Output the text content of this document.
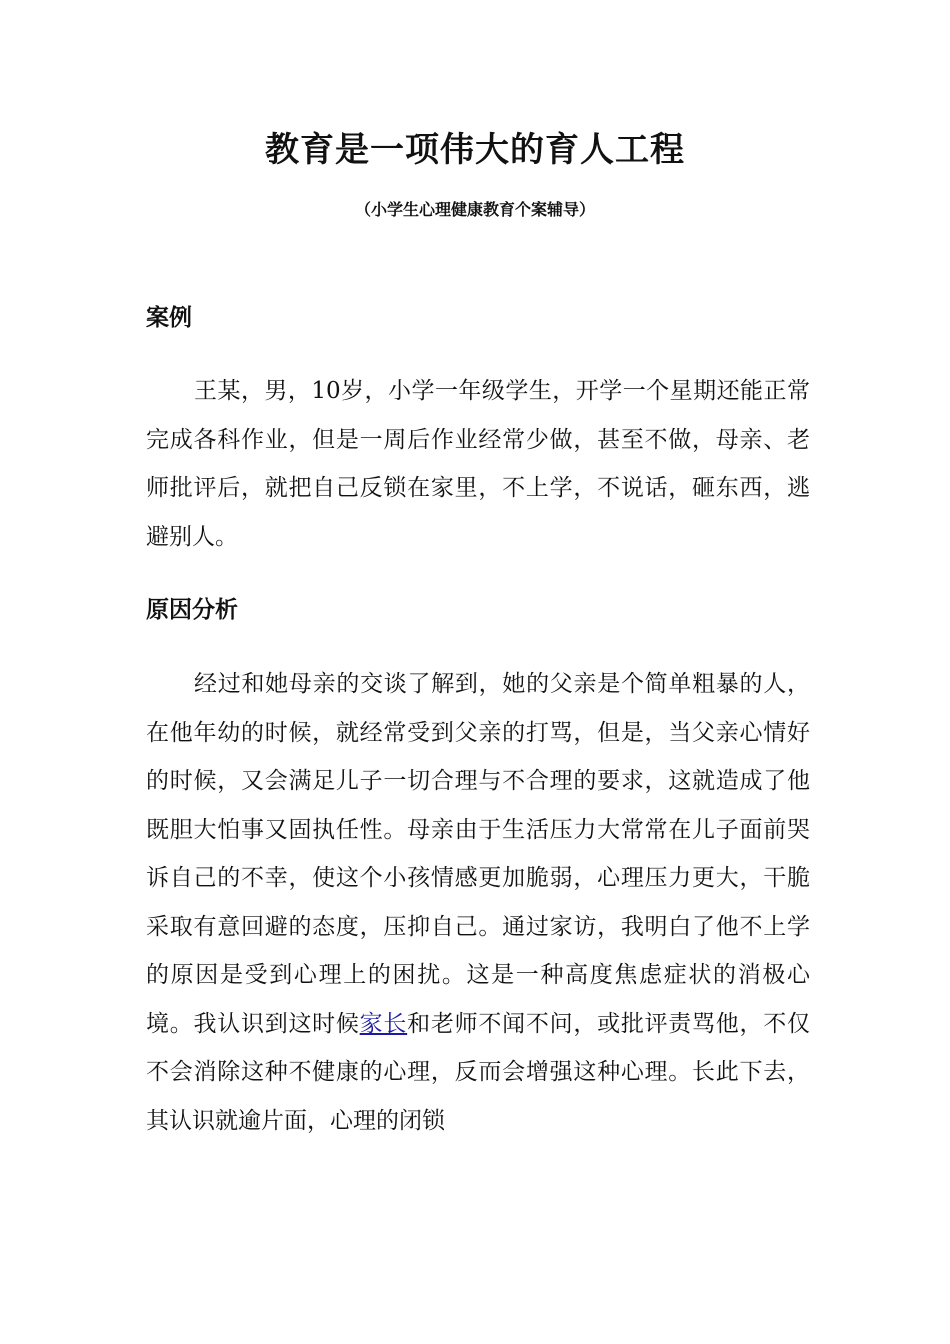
教育是一项伟大的育人工程
（小学生心理健康教育个案辅导）
案例

王某，男，10岁，小学一年级学生，开学一个星期还能正常完成各科作业，但是一周后作业经常少做，甚至不做，母亲、老师批评后，就把自己反锁在家里，不上学，不说话，砸东西，逃避别人。

原因分析

经过和她母亲的交谈了解到，她的父亲是个简单粗暴的人，在他年幼的时候，就经常受到父亲的打骂，但是，当父亲心情好的时候，又会满足儿子一切合理与不合理的要求，这就造成了他既胆大怕事又固执任性。母亲由于生活压力大常常在儿子面前哭诉自己的不幸，使这个小孩情感更加脆弱，心理压力更大，干脆采取有意回避的态度，压抑自己。通过家访，我明白了他不上学的原因是受到心理上的困扰。这是一种高度焦虑症状的消极心境。我认识到这时候家长和老师不闻不问，或批评责骂他，不仅不会消除这种不健康的心理，反而会增强这种心理。长此下去，其认识就逾片面，心理的闭锁
